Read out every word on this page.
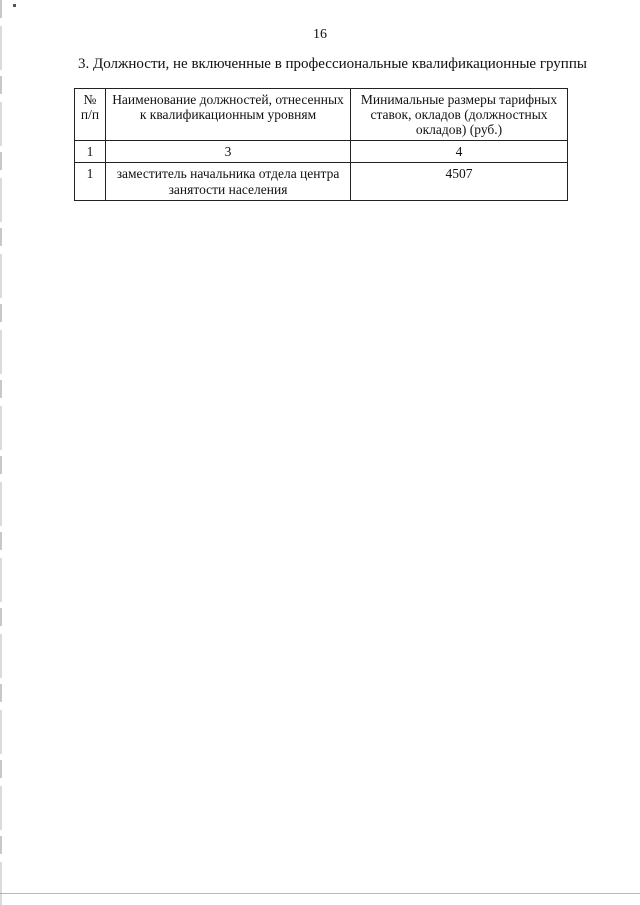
16
3. Должности, не включенные в профессиональные квалификационные группы
№ п/п	Наименование должностей, отнесенных к квалификационным уровням	Минимальные размеры тарифных ставок, окладов (должностных окладов) (руб.)
1	3	4
1	заместитель начальника отдела центра занятости населения	4507
